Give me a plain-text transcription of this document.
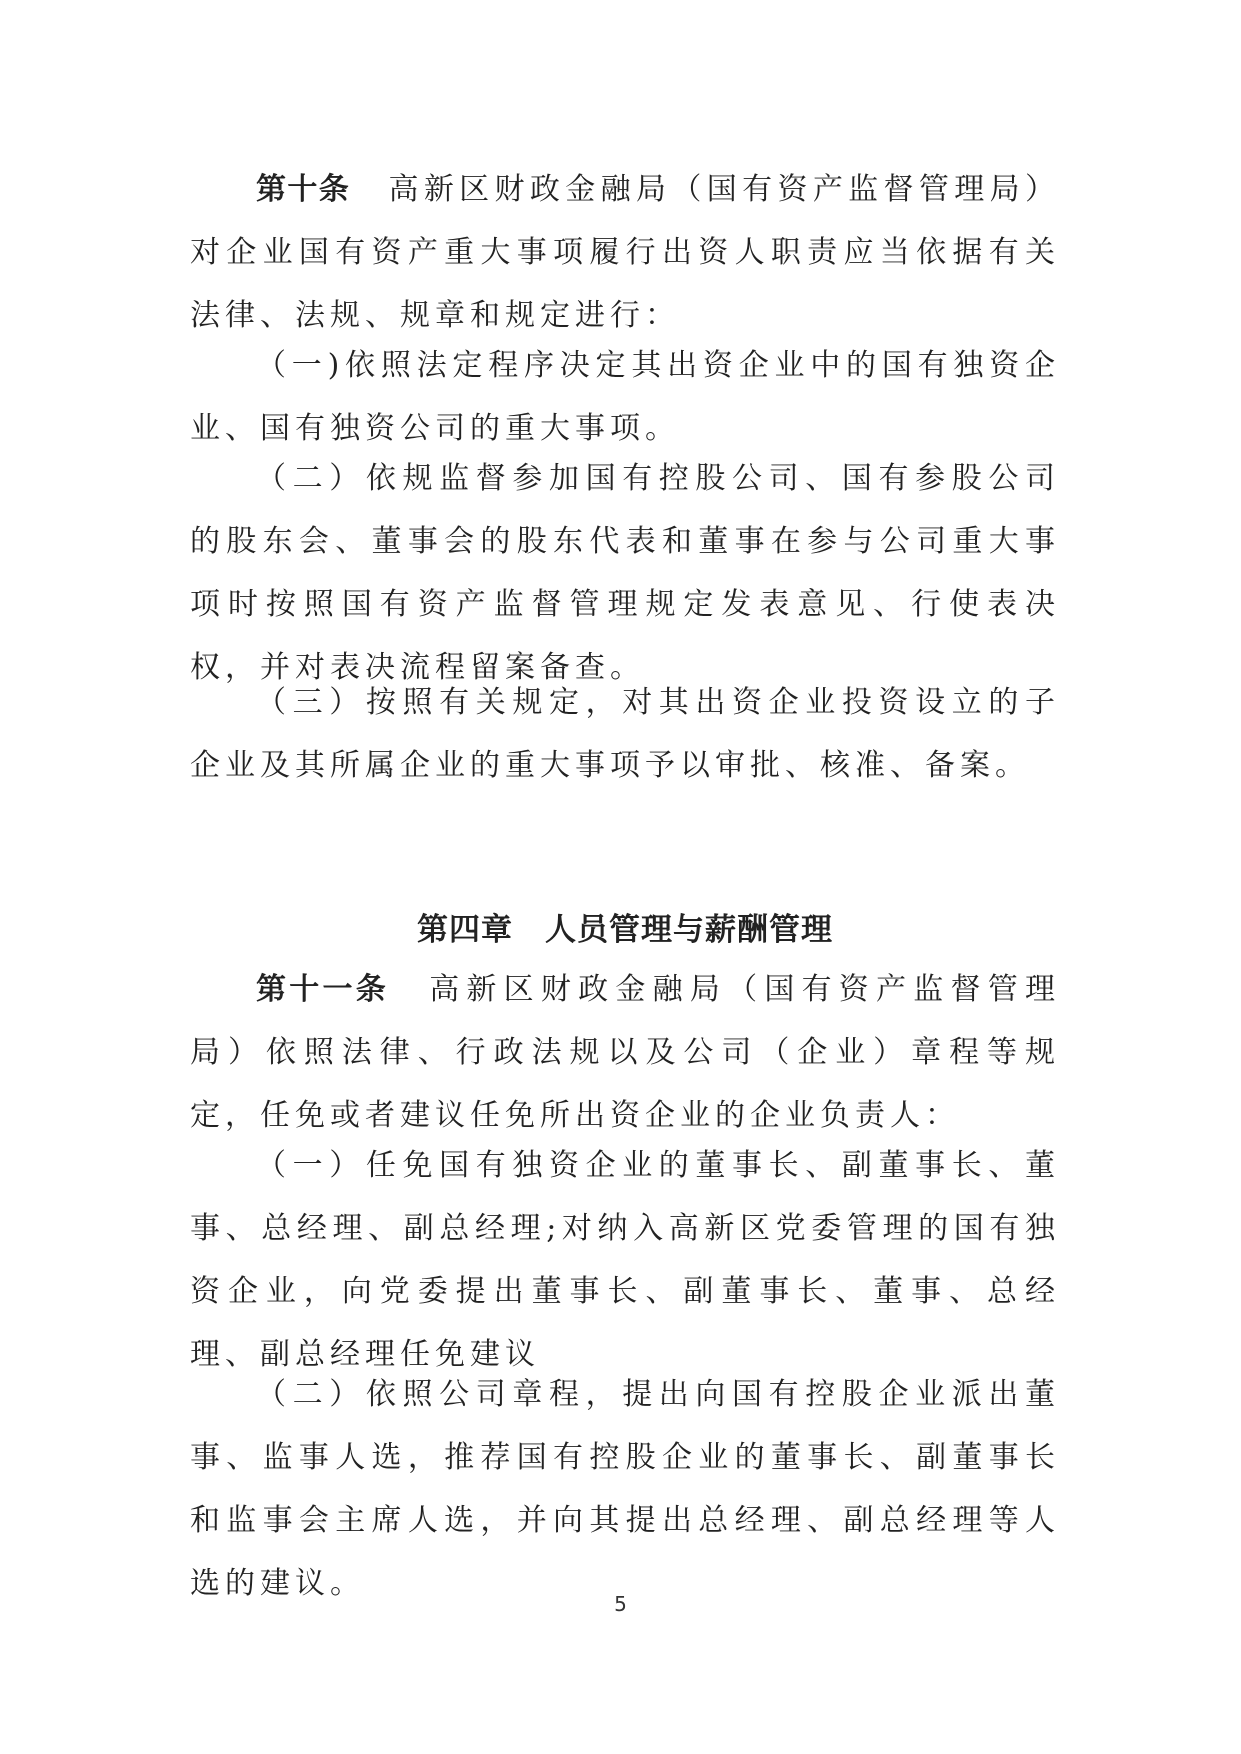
第十条 高新区财政金融局（国有资产监督管理局）对企业国有资产重大事项履行出资人职责应当依据有关法律、法规、规章和规定进行：

（一)依照法定程序决定其出资企业中的国有独资企业、国有独资公司的重大事项。

（二）依规监督参加国有控股公司、国有参股公司的股东会、董事会的股东代表和董事在参与公司重大事项时按照国有资产监督管理规定发表意见、行使表决权，并对表决流程留案备查。

（三）按照有关规定，对其出资企业投资设立的子企业及其所属企业的重大事项予以审批、核准、备案。

第四章　人员管理与薪酬管理

第十一条 高新区财政金融局（国有资产监督管理局）依照法律、行政法规以及公司（企业）章程等规定，任免或者建议任免所出资企业的企业负责人：

（一）任免国有独资企业的董事长、副董事长、董事、总经理、副总经理;对纳入高新区党委管理的国有独资企业，向党委提出董事长、副董事长、董事、总经理、副总经理任免建议

（二）依照公司章程，提出向国有控股企业派出董事、监事人选，推荐国有控股企业的董事长、副董事长和监事会主席人选，并向其提出总经理、副总经理等人选的建议。

5
